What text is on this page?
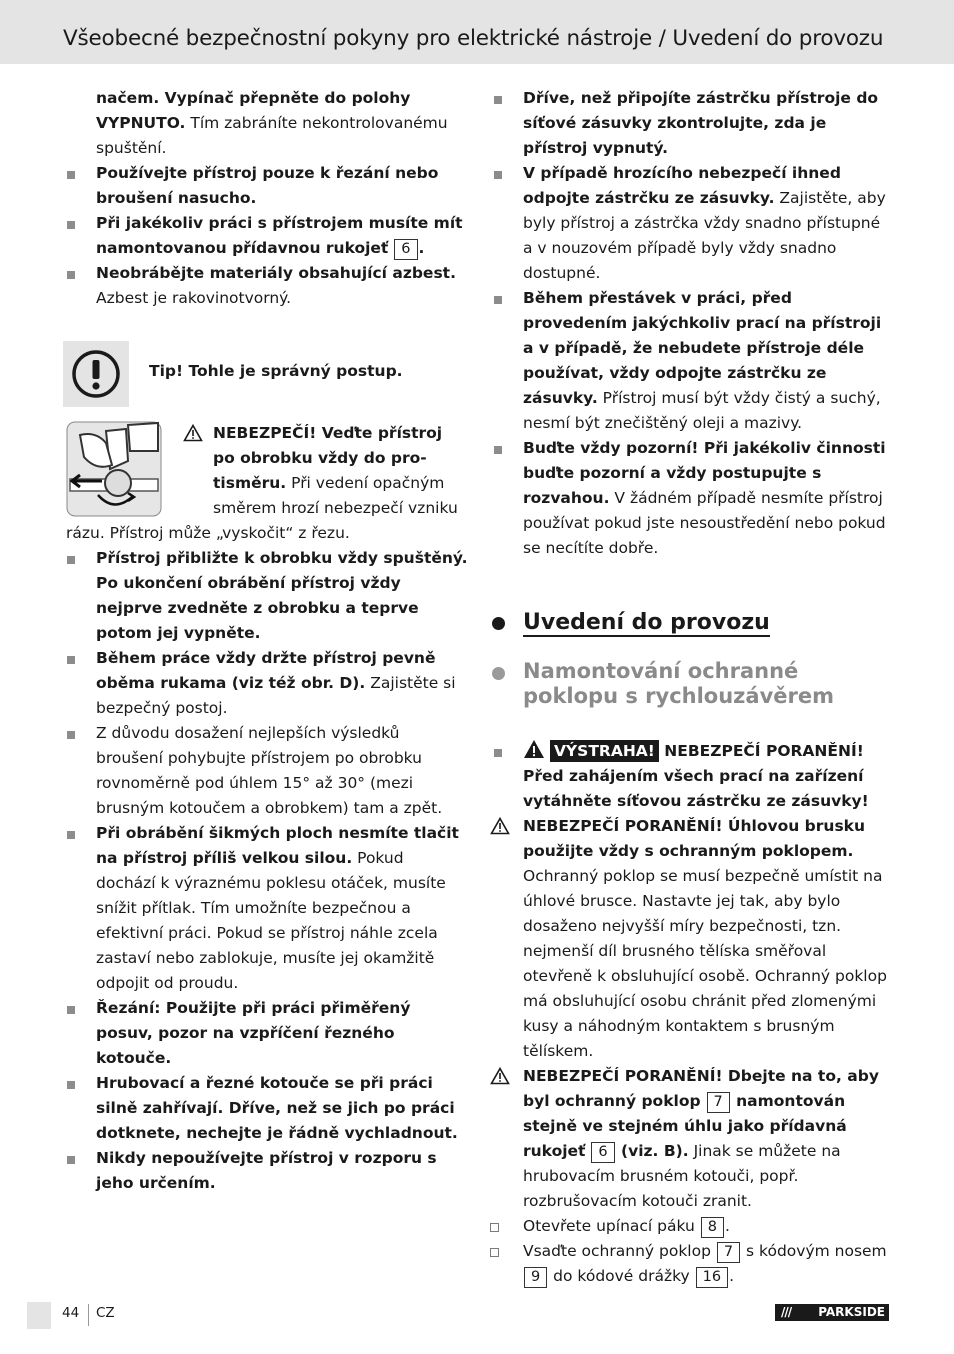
Všeobecné bezpečnostní pokyny pro elektrické nástroje / Uvedení do provozu

načem. Vypínač přepněte do polohy VYPNUTO. Tím zabráníte nekontrolovanému spuštění.

Používejte přístroj pouze k řezání nebo broušení nasucho.

Při jakékoliv práci s přístrojem musíte mít namontovanou přídavnou rukojeť 6 .

Neobrábějte materiály obsahující azbest. Azbest je rakovinotvorný.

Tip! Tohle je správný postup.
NEBEZPEČÍ! Veďte přístroj
po obrobku vždy do pro-
tisměru. Při vedení opačným
směrem hrozí nebezpečí vzniku
rázu. Přístroj může „vyskočit“ z řezu.

Přístroj přibližte k obrobku vždy spuštěný. Po ukončení obrábění přístroj vždy nejprve zvedněte z obrobku a teprve potom jej vypněte.

Během práce vždy držte přístroj pevně oběma rukama (viz též obr. D). Zajistěte si bezpečný postoj.

Z důvodu dosažení nejlepších výsledků broušení pohybujte přístrojem po obrobku rovnoměrně pod úhlem 15° až 30° (mezi brusným kotoučem a obrobkem) tam a zpět.

Při obrábění šikmých ploch nesmíte tlačit na přístroj příliš velkou silou. Pokud dochází k výraznému poklesu otáček, musíte snížit přítlak. Tím umožníte bezpečnou a efektivní práci. Pokud se přístroj náhle zcela zastaví nebo zablokuje, musíte jej okamžitě odpojit od proudu.

Řezání: Použijte při práci přiměřený posuv, pozor na vzpříčení řezného kotouče.

Hrubovací a řezné kotouče se při práci silně zahřívají. Dříve, než se jich po práci dotknete, nechejte je řádně vychladnout.

Nikdy nepoužívejte přístroj v rozporu s jeho určením.

Dříve, než připojíte zástrčku přístroje do síťové zásuvky zkontrolujte, zda je přístroj vypnutý.

V případě hrozícího nebezpečí ihned odpojte zástrčku ze zásuvky. Zajistěte, aby byly přístroj a zástrčka vždy snadno přístupné a v nouzovém případě byly vždy snadno dostupné.

Během přestávek v práci, před provedením jakýchkoliv prací na přístroji a v případě, že nebudete přístroje déle používat, vždy odpojte zástrčku ze zásuvky. Přístroj musí být vždy čistý a suchý, nesmí být znečištěný oleji a mazivy.

Buďte vždy pozorní! Při jakékoliv činnosti buďte pozorní a vždy postupujte s rozvahou. V žádném případě nesmíte přístroj používat pokud jste nesoustředění nebo pokud se necítíte dobře.

Uvedení do provozu
Namontování ochranné poklopu s rychlouzávěrem

VÝSTRAHA! NEBEZPEČÍ PORANĚNÍ! Před zahájením všech prací na zařízení vytáhněte síťovou zástrčku ze zásuvky!

NEBEZPEČÍ PORANĚNÍ! Úhlovou brusku použijte vždy s ochranným poklopem. Ochranný poklop se musí bezpečně umístit na úhlové brusce. Nastavte jej tak, aby bylo dosaženo nejvyšší míry bezpečnosti, tzn. nejmenší díl brusného tělíska směřoval otevřeně k obsluhující osobě. Ochranný poklop má obsluhující osobu chránit před zlomenými kusy a náhodným kontaktem s brusným tělískem.

NEBEZPEČÍ PORANĚNÍ! Dbejte na to, aby byl ochranný poklop 7 namontován stejně ve stejném úhlu jako přídavná rukojeť 6 (viz. B). Jinak se můžete na hrubovacím brusném kotouči, popř. rozbrušovacím kotouči zranit.

Otevřete upínací páku 8 .

Vsaďte ochranný poklop 7 s kódovým nosem 9 do kódové drážky 16 .

44 CZ	/// PARKSIDE
